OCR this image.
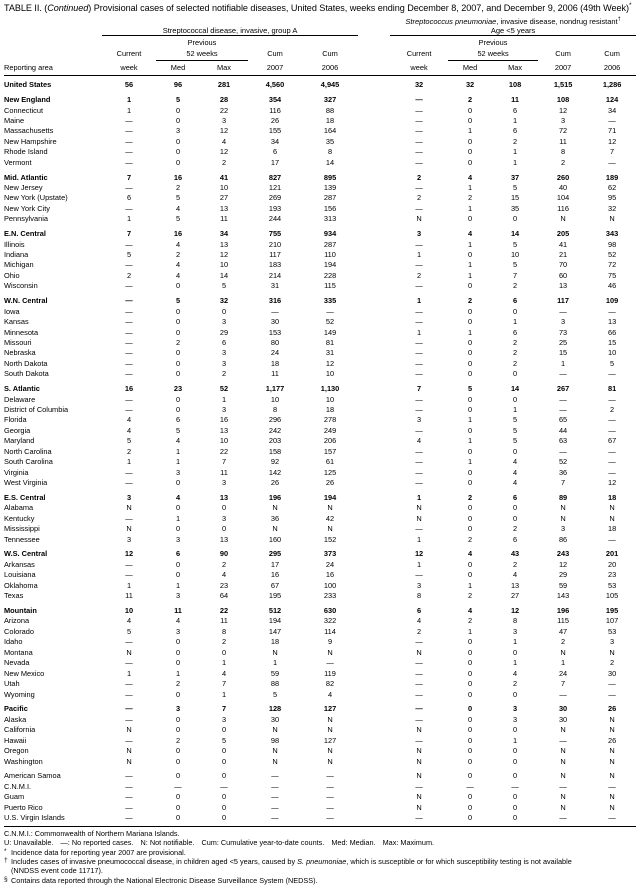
TABLE II. (Continued) Provisional cases of selected notifiable diseases, United States, weeks ending December 8, 2007, and December 9, 2006 (49th Week)*
	Streptococcal disease, invasive, group A						Streptococcus pneumoniae, invasive disease, nondrug resistant†
Age <5 years				

		Previous						Previous			
	Current	52 weeks		Cum	Cum		Current	52 weeks		Cum	Cum
Reporting area	week	Med	Max	2007	2006		week	Med	Max	2007	2006
United States	56	96	281	4,560	4,945		32	32	108	1,515	1,286

New England	1	5	28	354	327		—	2	11	108	124
Connecticut	1	0	22	116	88		—	0	6	12	34
Maine	—	0	3	26	18		—	0	1	3	—
Massachusetts	—	3	12	155	164		—	1	6	72	71
New Hampshire	—	0	4	34	35		—	0	2	11	12
Rhode Island	—	0	12	6	8		—	0	1	8	7
Vermont	—	0	2	17	14		—	0	1	2	—

Mid. Atlantic	7	16	41	827	895		2	4	37	260	189
New Jersey	—	2	10	121	139		—	1	5	40	62
New York (Upstate)	6	5	27	269	287		2	2	15	104	95
New York City	—	4	13	193	156		—	1	35	116	32
Pennsylvania	1	5	11	244	313		N	0	0	N	N

E.N. Central	7	16	34	755	934		3	4	14	205	343
Illinois	—	4	13	210	287		—	1	5	41	98
Indiana	5	2	12	117	110		1	0	10	21	52
Michigan	—	4	10	183	194		—	1	5	70	72
Ohio	2	4	14	214	228		2	1	7	60	75
Wisconsin	—	0	5	31	115		—	0	2	13	46

W.N. Central	—	5	32	316	335		1	2	6	117	109
Iowa	—	0	0	—	—		—	0	0	—	—
Kansas	—	0	3	30	52		—	0	1	3	13
Minnesota	—	0	29	153	149		1	1	6	73	66
Missouri	—	2	6	80	81		—	0	2	25	15
Nebraska	—	0	3	24	31		—	0	2	15	10
North Dakota	—	0	3	18	12		—	0	2	1	5
South Dakota	—	0	2	11	10		—	0	0	—	—

S. Atlantic	16	23	52	1,177	1,130		7	5	14	267	81
Delaware	—	0	1	10	10		—	0	0	—	—
District of Columbia	—	0	3	8	18		—	0	1	—	2
Florida	4	6	16	296	278		3	1	5	65	—
Georgia	4	5	13	242	249		—	0	5	44	—
Maryland	5	4	10	203	206		4	1	5	63	67
North Carolina	2	1	22	158	157		—	0	0	—	—
South Carolina	1	1	7	92	61		—	1	4	52	—
Virginia	—	3	11	142	125		—	0	4	36	—
West Virginia	—	0	3	26	26		—	0	4	7	12

E.S. Central	3	4	13	196	194		1	2	6	89	18
Alabama	N	0	0	N	N		N	0	0	N	N
Kentucky	—	1	3	36	42		N	0	0	N	N
Mississippi	N	0	0	N	N		—	0	2	3	18
Tennessee	3	3	13	160	152		1	2	6	86	—

W.S. Central	12	6	90	295	373		12	4	43	243	201
Arkansas	—	0	2	17	24		1	0	2	12	20
Louisiana	—	0	4	16	16		—	0	4	29	23
Oklahoma	1	1	23	67	100		3	1	13	59	53
Texas	11	3	64	195	233		8	2	27	143	105

Mountain	10	11	22	512	630		6	4	12	196	195
Arizona	4	4	11	194	322		4	2	8	115	107
Colorado	5	3	8	147	114		2	1	3	47	53
Idaho	—	0	2	18	9		—	0	1	2	3
Montana	N	0	0	N	N		N	0	0	N	N
Nevada	—	0	1	1	—		—	0	1	1	2
New Mexico	1	1	4	59	119		—	0	4	24	30
Utah	—	2	7	88	82		—	0	2	7	—
Wyoming	—	0	1	5	4		—	0	0	—	—

Pacific	—	3	7	128	127		—	0	3	30	26
Alaska	—	0	3	30	N		—	0	3	30	N
California	N	0	0	N	N		N	0	0	N	N
Hawaii	—	2	5	98	127		—	0	1	—	26
Oregon	N	0	0	N	N		N	0	0	N	N
Washington	N	0	0	N	N		N	0	0	N	N

American Samoa	—	0	0	—	—		N	0	0	N	N
C.N.M.I.	—	—	—	—	—		—	—	—	—	—
Guam	—	0	0	—	—		N	0	0	N	N
Puerto Rico	—	0	0	—	—		N	0	0	N	N
U.S. Virgin Islands	—	0	0	—	—		—	0	0	—	—
C.N.M.I.: Commonwealth of Northern Mariana Islands.
U: Unavailable. —: No reported cases. N: Not notifiable. Cum: Cumulative year-to-date counts. Med: Median. Max: Maximum.
* Incidence data for reporting year 2007 are provisional.
† Includes cases of invasive pneumococcal disease, in children aged <5 years, caused by S. pneumoniae, which is susceptible or for which susceptibility testing is not available
(NNDSS event code 11717).
§ Contains data reported through the National Electronic Disease Surveillance System (NEDSS).
